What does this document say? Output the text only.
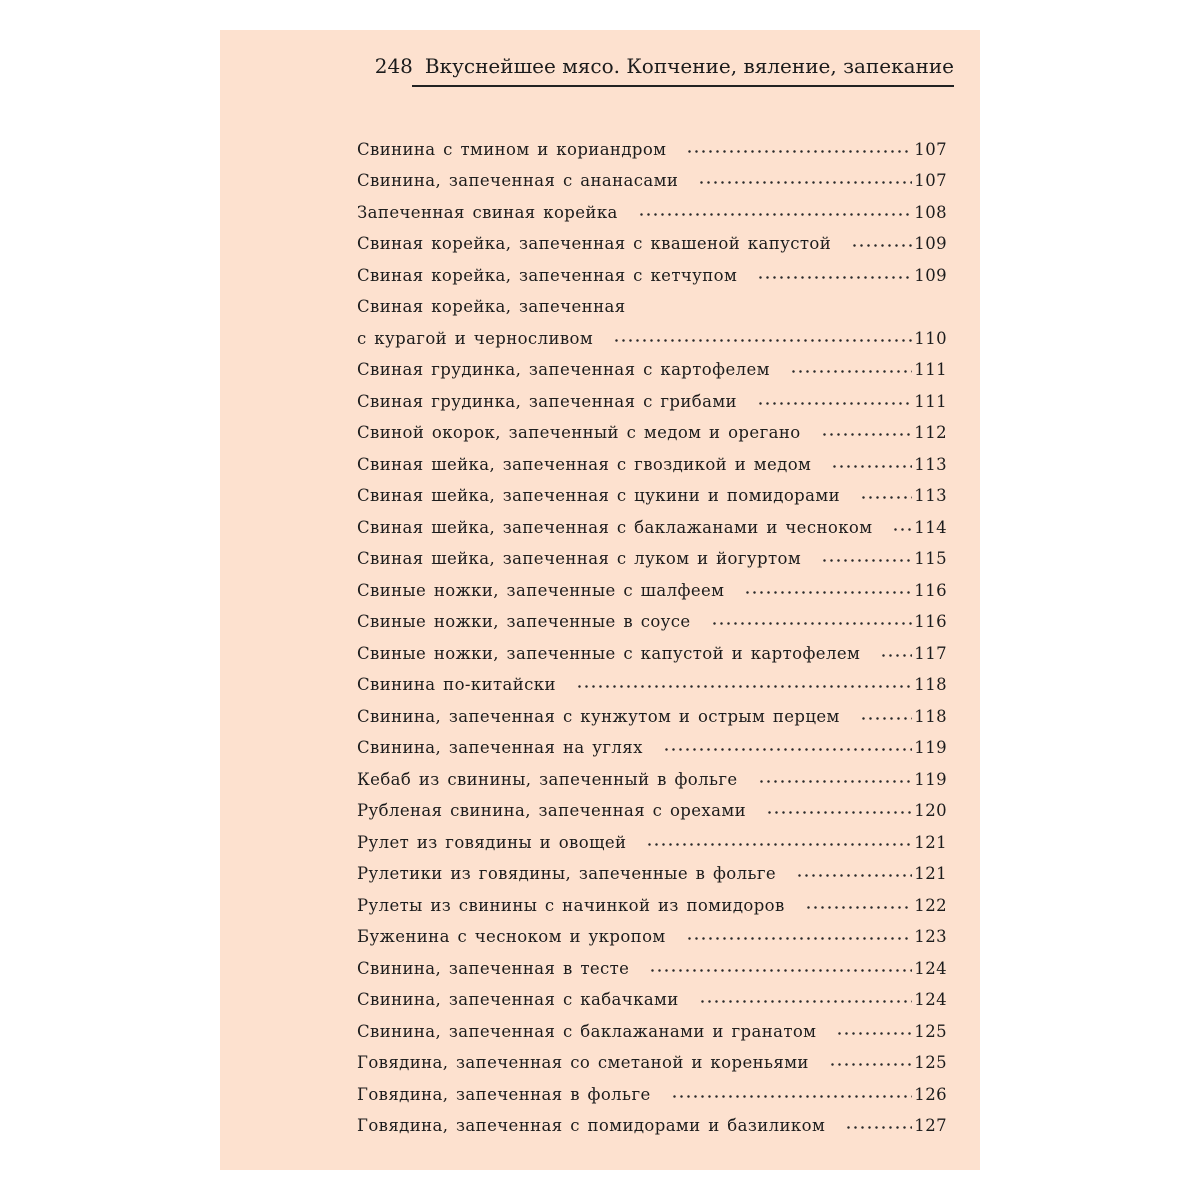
248 Вкуснейшее мясо. Копчение, вяление, запекание
Свинина с тмином и кориандром	107
Свинина, запеченная с ананасами	107
Запеченная свиная корейка	108
Свиная корейка, запеченная с квашеной капустой	109
Свиная корейка, запеченная с кетчупом	109
Свиная корейка, запеченная
с курагой и черносливом	110
Свиная грудинка, запеченная с картофелем	111
Свиная грудинка, запеченная с грибами	111
Свиной окорок, запеченный с медом и орегано	112
Свиная шейка, запеченная с гвоздикой и медом	113
Свиная шейка, запеченная с цукини и помидорами	113
Свиная шейка, запеченная с баклажанами и чесноком	114
Свиная шейка, запеченная с луком и йогуртом	115
Свиные ножки, запеченные с шалфеем	116
Свиные ножки, запеченные в соусе	116
Свиные ножки, запеченные с капустой и картофелем	117
Свинина по-китайски	118
Свинина, запеченная с кунжутом и острым перцем	118
Свинина, запеченная на углях	119
Кебаб из свинины, запеченный в фольге	119
Рубленая свинина, запеченная с орехами	120
Рулет из говядины и овощей	121
Рулетики из говядины, запеченные в фольге	121
Рулеты из свинины с начинкой из помидоров	122
Буженина с чесноком и укропом	123
Свинина, запеченная в тесте	124
Свинина, запеченная с кабачками	124
Свинина, запеченная с баклажанами и гранатом	125
Говядина, запеченная со сметаной и кореньями	125
Говядина, запеченная в фольге	126
Говядина, запеченная с помидорами и базиликом	127
